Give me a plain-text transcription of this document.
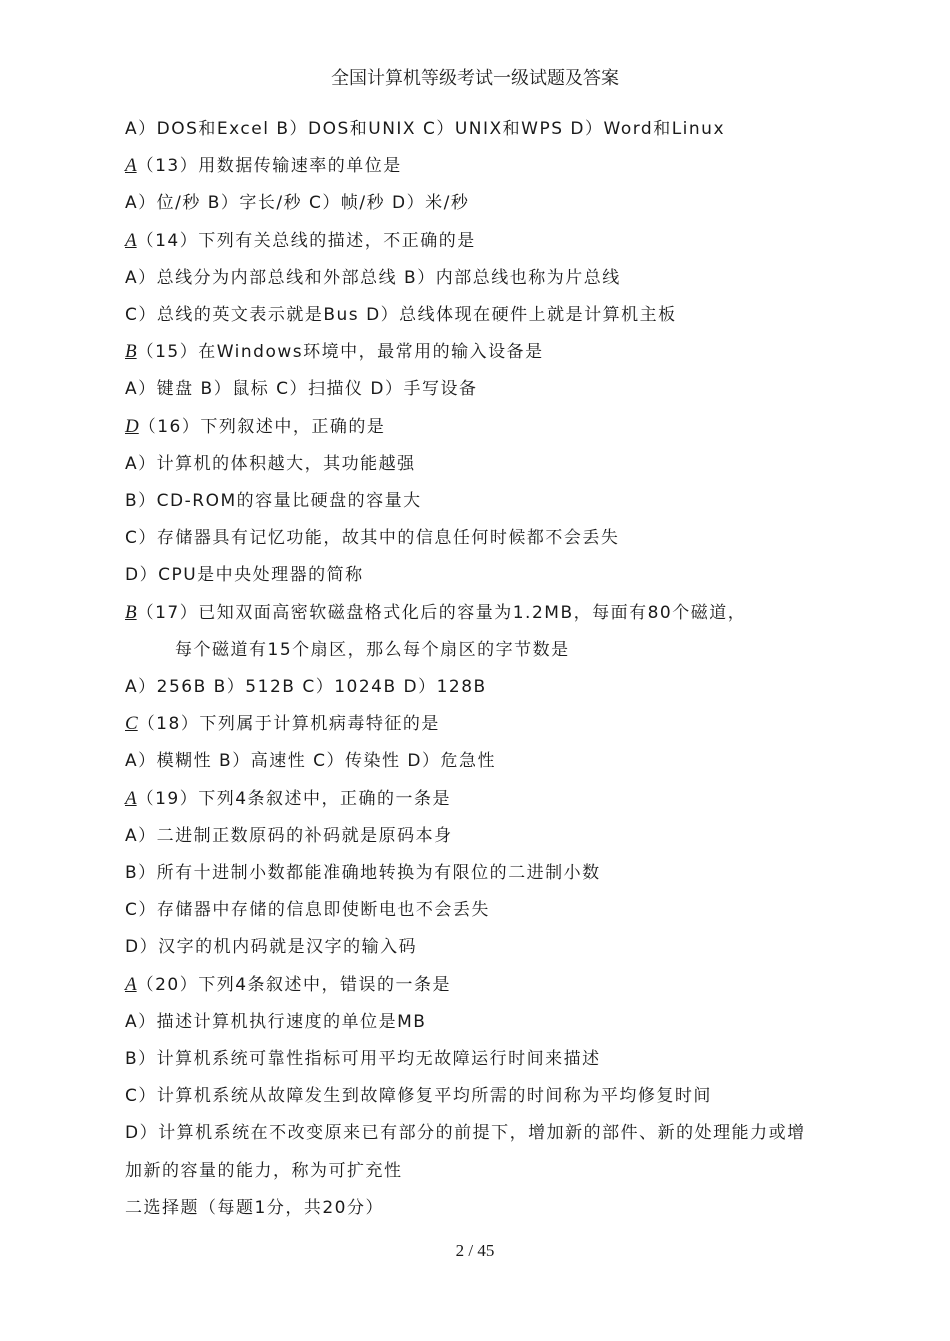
全国计算机等级考试一级试题及答案
A）DOS和Excel B）DOS和UNIX C）UNIX和WPS D）Word和Linux
A（13）用数据传输速率的单位是
A）位/秒 B）字长/秒 C）帧/秒 D）米/秒
A（14）下列有关总线的描述，不正确的是
A）总线分为内部总线和外部总线 B）内部总线也称为片总线
C）总线的英文表示就是Bus D）总线体现在硬件上就是计算机主板
B（15）在Windows环境中，最常用的输入设备是
A）键盘 B）鼠标 C）扫描仪 D）手写设备
D（16）下列叙述中，正确的是
A）计算机的体积越大，其功能越强
B）CD-ROM的容量比硬盘的容量大
C）存储器具有记忆功能，故其中的信息任何时候都不会丢失
D）CPU是中央处理器的简称
B（17）已知双面高密软磁盘格式化后的容量为1.2MB，每面有80个磁道，
每个磁道有15个扇区，那么每个扇区的字节数是
A）256B B）512B C）1024B D）128B
C（18）下列属于计算机病毒特征的是
A）模糊性 B）高速性 C）传染性 D）危急性
A（19）下列4条叙述中，正确的一条是
A）二进制正数原码的补码就是原码本身
B）所有十进制小数都能准确地转换为有限位的二进制小数
C）存储器中存储的信息即使断电也不会丢失
D）汉字的机内码就是汉字的输入码
A（20）下列4条叙述中，错误的一条是
A）描述计算机执行速度的单位是MB
B）计算机系统可靠性指标可用平均无故障运行时间来描述
C）计算机系统从故障发生到故障修复平均所需的时间称为平均修复时间
D）计算机系统在不改变原来已有部分的前提下，增加新的部件、新的处理能力或增
加新的容量的能力，称为可扩充性
二选择题（每题1分，共20分）
2 / 45
